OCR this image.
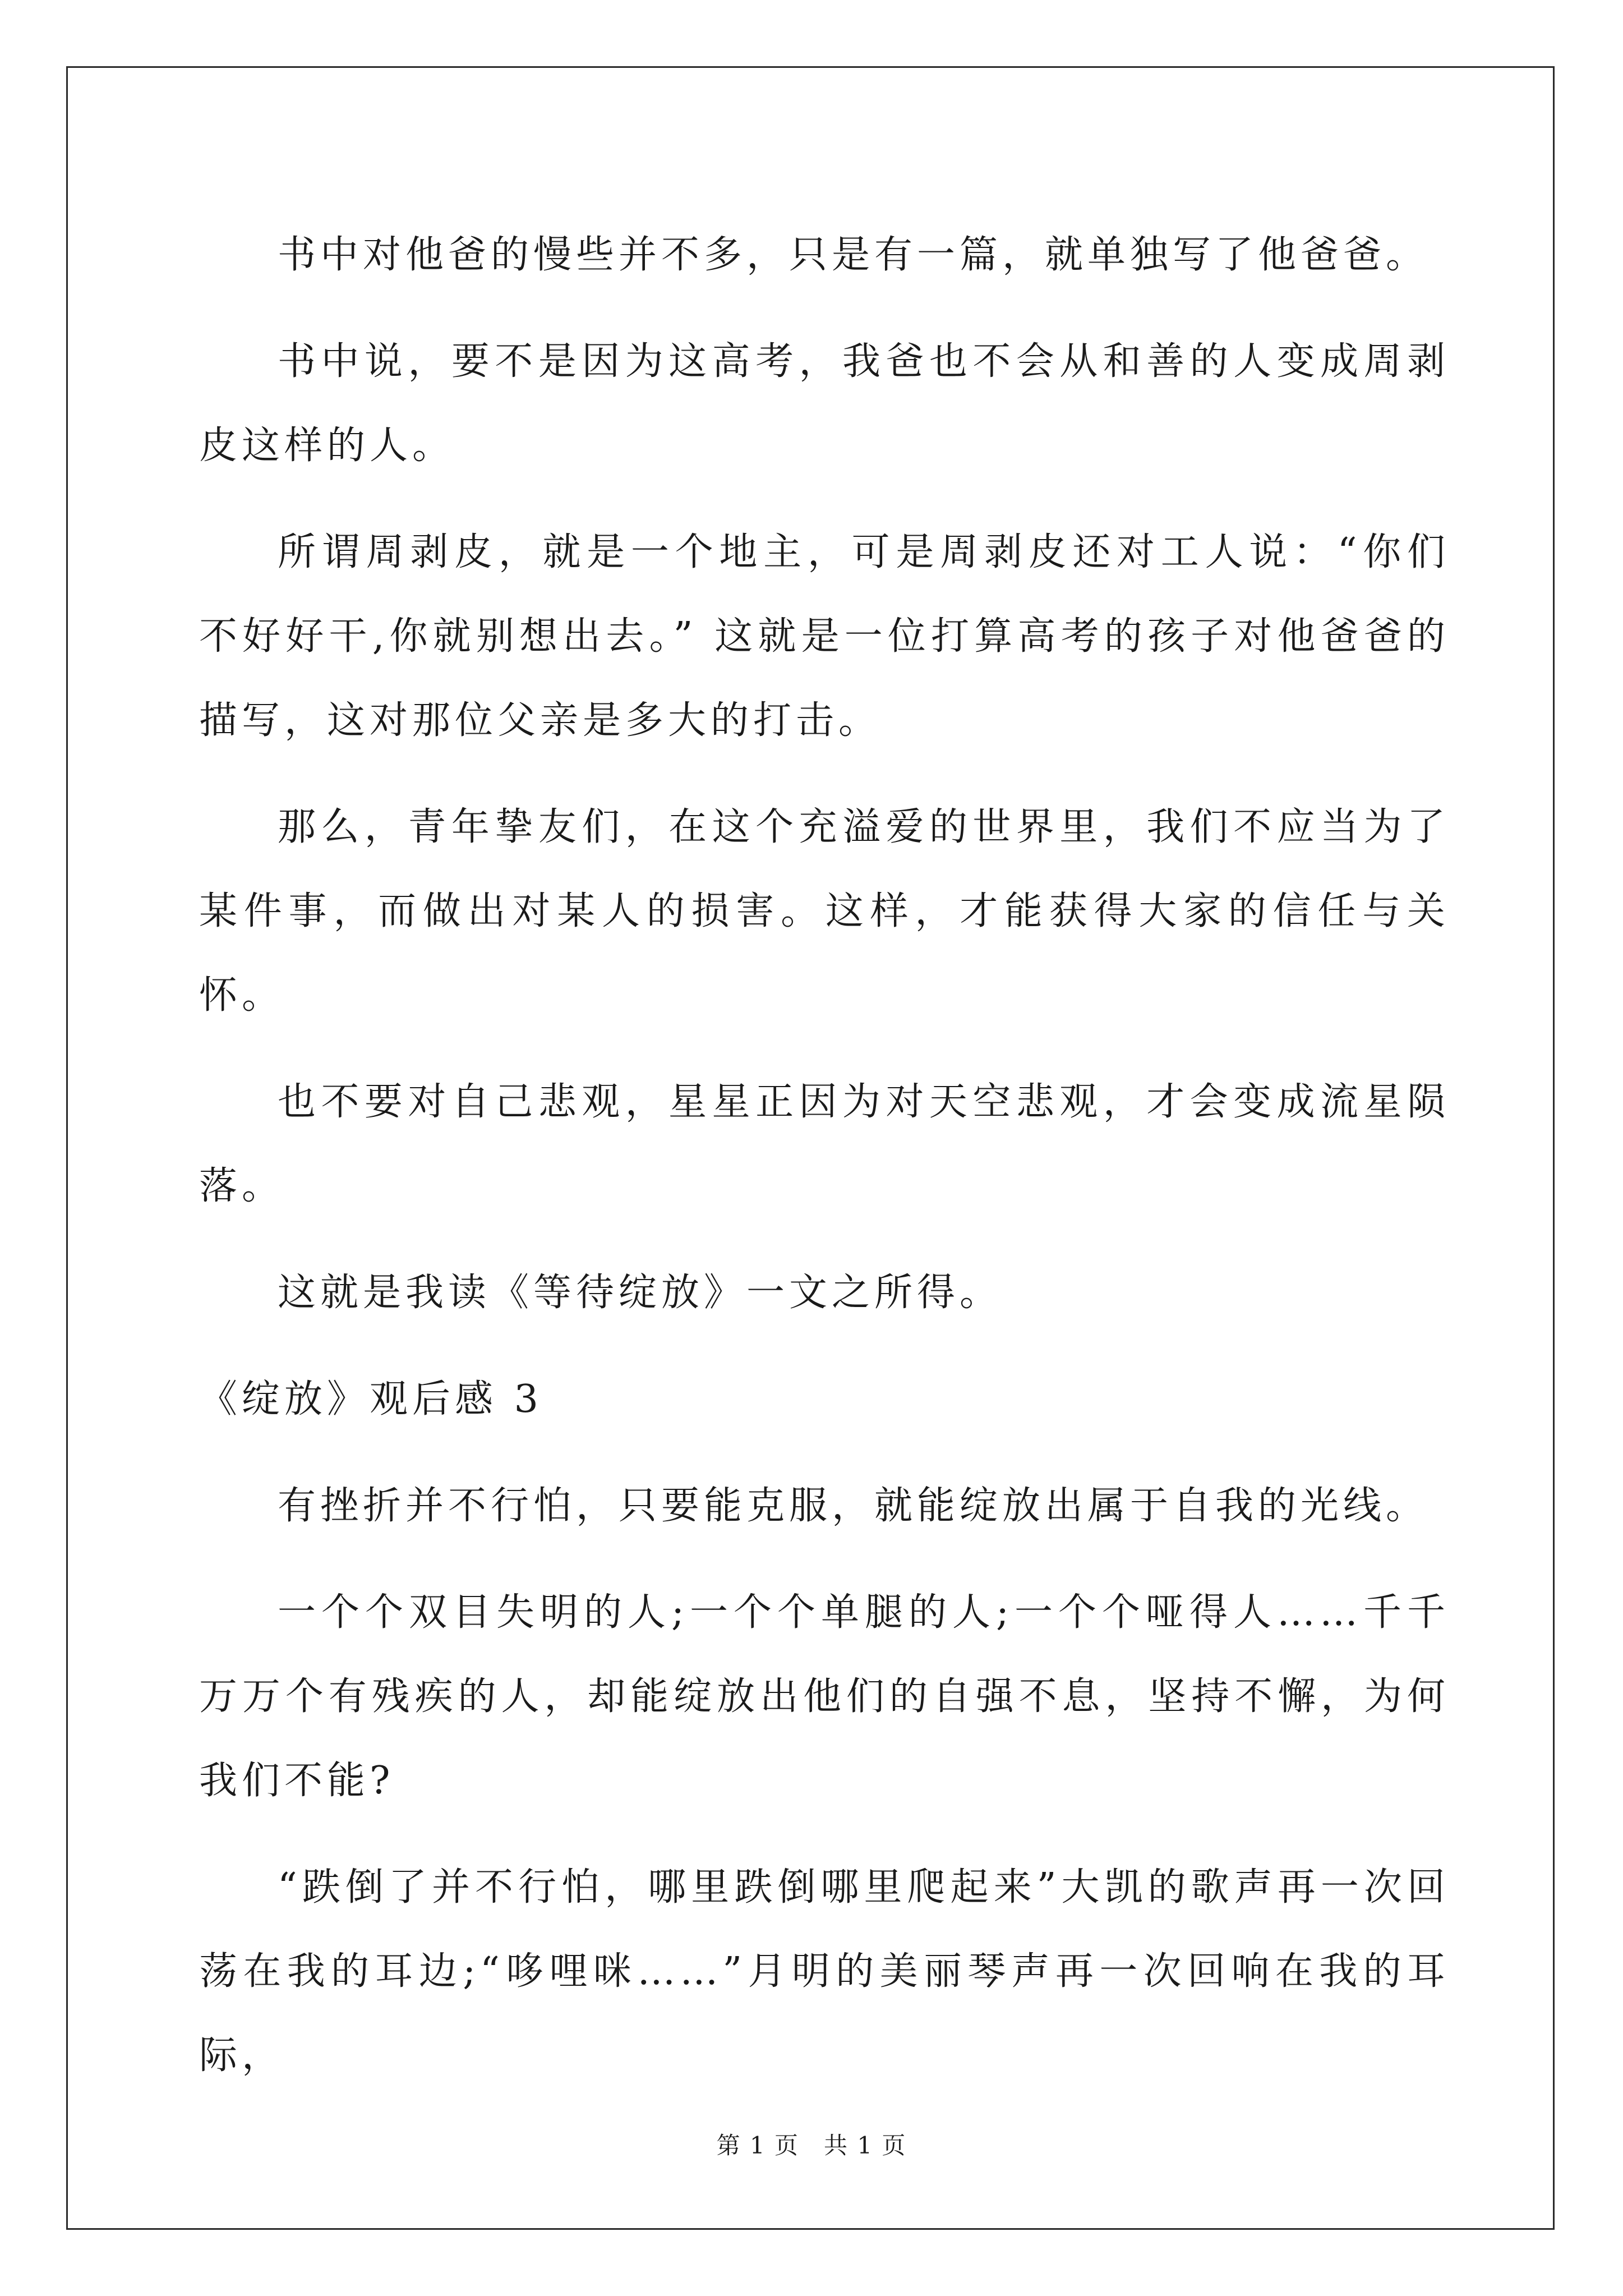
书中对他爸的慢些并不多，只是有一篇，就单独写了他爸爸。

书中说，要不是因为这高考，我爸也不会从和善的人变成周剥皮这样的人。

所谓周剥皮，就是一个地主，可是周剥皮还对工人说：“你们不好好干,你就别想出去。” 这就是一位打算高考的孩子对他爸爸的描写，这对那位父亲是多大的打击。

那么，青年挚友们，在这个充溢爱的世界里，我们不应当为了某件事，而做出对某人的损害。这样，才能获得大家的信任与关怀。

也不要对自己悲观，星星正因为对天空悲观，才会变成流星陨落。

这就是我读《等待绽放》一文之所得。

《绽放》观后感 3

有挫折并不行怕，只要能克服，就能绽放出属于自我的光线。

一个个双目失明的人;一个个单腿的人;一个个哑得人……千千万万个有残疾的人，却能绽放出他们的自强不息，坚持不懈，为何我们不能?

“跌倒了并不行怕，哪里跌倒哪里爬起来”大凯的歌声再一次回荡在我的耳边;“哆哩咪……”月明的美丽琴声再一次回响在我的耳际，

第 1 页　共 1 页
